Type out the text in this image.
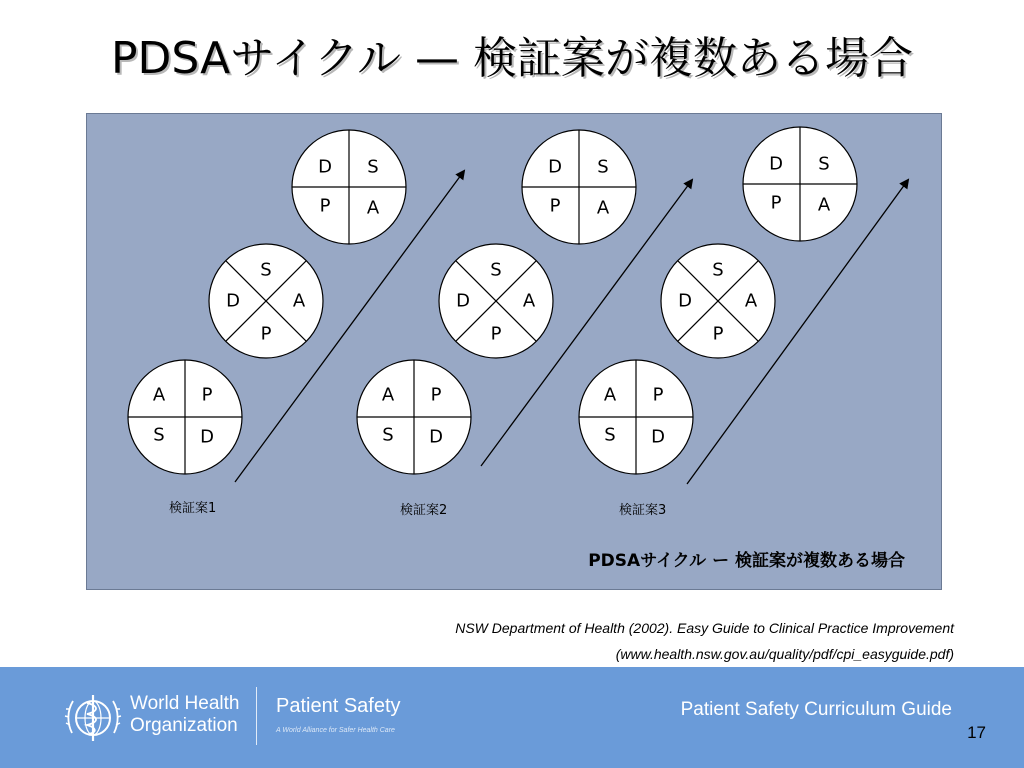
PDSAサイクル — 検証案が複数ある場合
A P
S D
S
D	A
P
D S
P A
A P
S D
S
D	A
P
D S
P A
A P
S D
S
D	A
P
D S
P A
検証案1	検証案2	検証案3
PDSAサイクル ー 検証案が複数ある場合
NSW Department of Health (2002). Easy Guide to Clinical Practice Improvement
(www.health.nsw.gov.au/quality/pdf/cpi_easyguide.pdf)
World Health
Organization
Patient Safety
A World Alliance for Safer Health Care
Patient Safety Curriculum Guide
17
